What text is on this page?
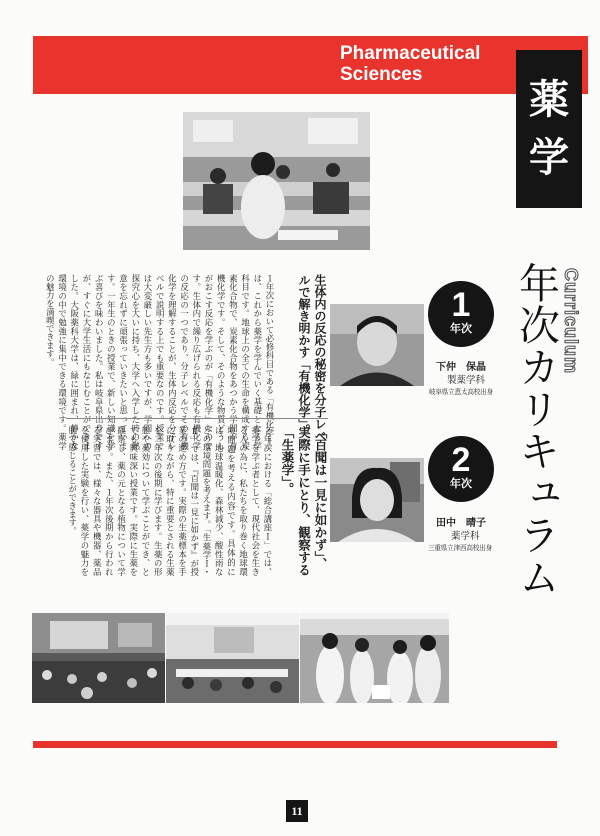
Pharmaceutical
Sciences
薬
学
Curriculum
年次カリキュラム
1
年次
下仲　保晶
製薬学科
岐阜県立恵太高校出身
2
年次
田中　晴子
薬学科
三重県立津西高校出身
生体内の反応の秘密を分子レベルで解き明かす「有機化学」。
１年次において必修科目である「有機化学Ｉ」は、これから薬学を学んでいく基礎となる学科目です。地球上の全ての生命を構成する炭素化合物で、炭素化合物をあつかう学問が有機化学です。そして、そのような物質どうしがおこす反応を学ぶのが「有機化学」なのです。生体内で繰り広げられる反応も有機化学の反応の一つであり、分子レベルでその有機化学を理解することが、生体内反応を分子レベルで説明する上でも重要なのです。授業では大変厳しい先生方も多いですが、学問への探究心を大いに持ち、大学へ入学した時の熱意を忘れずに頑張っていきたいと思っています。一年生のときの授業で、新しい知識を学ぶ喜びを味わいました。私は岐阜県出身ですが、すぐに大学生活にもなじむことができました。大阪薬科大学は、緑に囲まれ、静かな環境の中で勉強に集中できる環境です。薬学の魅力を満喫できます。
「百聞は一見に如かず」、実際に手にとり、観察する「生薬学」。
２年次における「総合講座Ｉ」では、薬学を学ぶ者として、現代社会を生きる人の為に、私たちを取り巻く地球環境問題を考える内容です。具体的には、地球温暖化、森林減少、酸性雨などの環境問題を考えます。「生薬学Ｉ・Ⅱ」では、『百聞は一見に如かず』が授業の進め方です。実際の生薬標本を手に取りながら、特に重要とされる生薬を二年次の後期に学びます。生薬の形態や薬効について学ぶことができ、とても興味深い授業です。実際に生薬を観察し、薬の元となる植物について学びます。また、１年次後期から行われる実習では、様々な器具や機器、薬品を使用した実験を行い、薬学の魅力を肌で感じることができます。
11
